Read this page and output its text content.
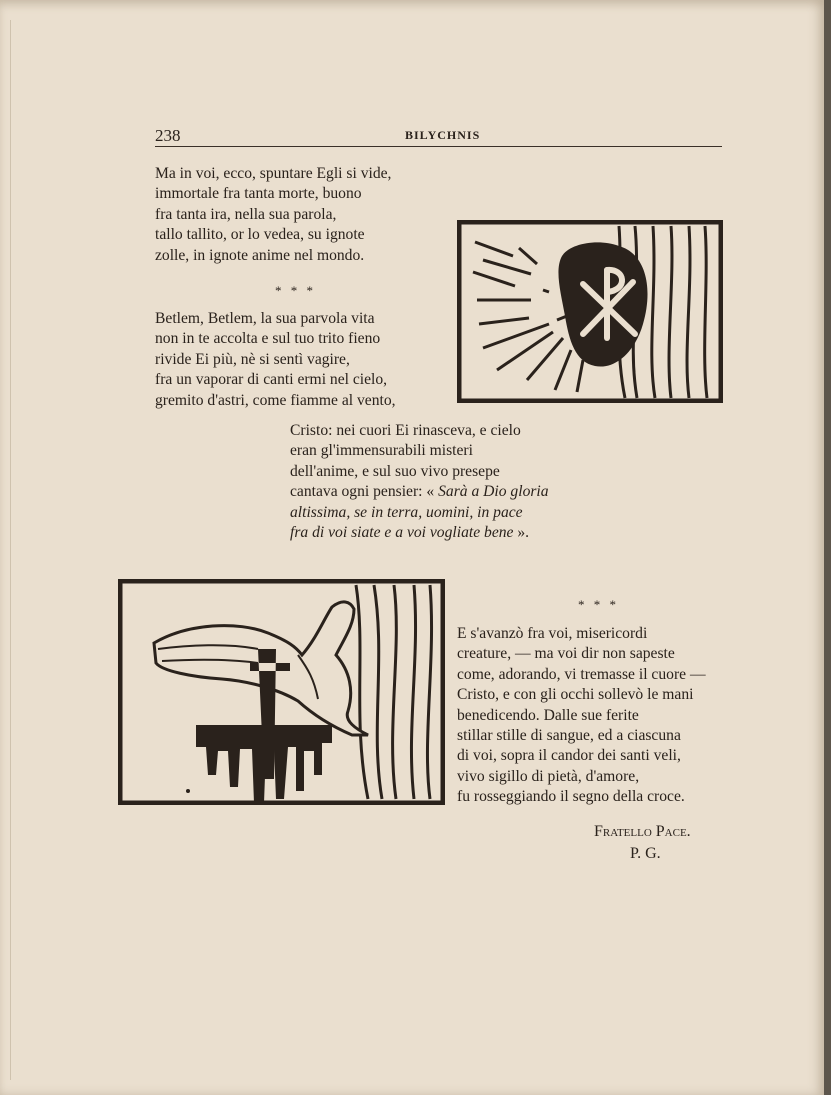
238	BILYCHNIS
Ma in voi, ecco, spuntare Egli si vide,
immortale fra tanta morte, buono
fra tanta ira, nella sua parola,
tallo tallito, or lo vedea, su ignote
zolle, in ignote anime nel mondo.
* * *
Betlem, Betlem, la sua parvola vita
non in te accolta e sul tuo trito fieno
rivide Ei più, nè si sentì vagire,
fra un vaporar di canti ermi nel cielo,
gremito d'astri, come fiamme al vento,
Cristo: nei cuori Ei rinasceva, e cielo
eran gl'immensurabili misteri
dell'anime, e sul suo vivo presepe
cantava ogni pensier: « Sarà a Dio gloria
altissima, se in terra, uomini, in pace
fra di voi siate e a voi vogliate bene ».
* * *
E s'avanzò fra voi, misericordi
creature, — ma voi dir non sapeste
come, adorando, vi tremasse il cuore —
Cristo, e con gli occhi sollevò le mani
benedicendo. Dalle sue ferite
stillar stille di sangue, ed a ciascuna
di voi, sopra il candor dei santi veli,
vivo sigillo di pietà, d'amore,
fu rosseggiando il segno della croce.
Fratello Pace.
P. G.
